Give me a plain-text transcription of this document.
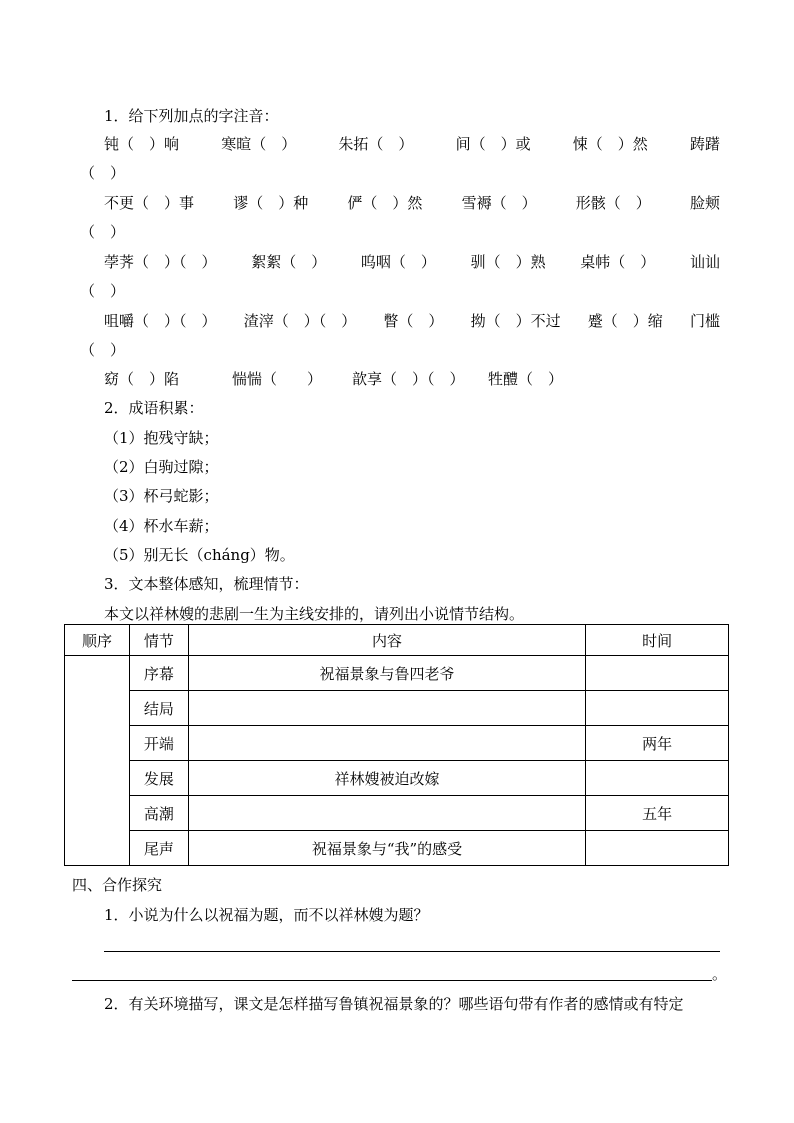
1．给下列加点的字注音：
钝（　）响	寒暄（　）	朱拓（　）	间（　）或	悚（　）然	踌躇
（　）
不更（　）事	谬（　）种	俨（　）然	雪褥（　）	形骸（　）	脸颊
（　）
荸荠（　）（　） 絮絮（　） 呜咽（　） 驯（　）熟 桌帏（　） 讪讪
（　）
咀嚼（　）（　） 渣滓（　）（　） 瞥（　） 拗（　）不过 蹙（　）缩 门槛
（　）
窈（　）陷	惴惴（　　） 歆享（　）（　） 牲醴（　）
2．成语积累：
（1）抱残守缺；
（2）白驹过隙；
（3）杯弓蛇影；
（4）杯水车薪；
（5）别无长（cháng）物。
3．文本整体感知，梳理情节：
本文以祥林嫂的悲剧一生为主线安排的，请列出小说情节结构。
顺序	情节	内容	时间
	序幕	祝福景象与鲁四老爷	
	结局		
	开端		两年
	发展	祥林嫂被迫改嫁	
	高潮		五年
	尾声	祝福景象与“我”的感受	
四、合作探究
1．小说为什么以祝福为题，而不以祥林嫂为题？
。
2．有关环境描写，课文是怎样描写鲁镇祝福景象的？哪些语句带有作者的感情或有特定
